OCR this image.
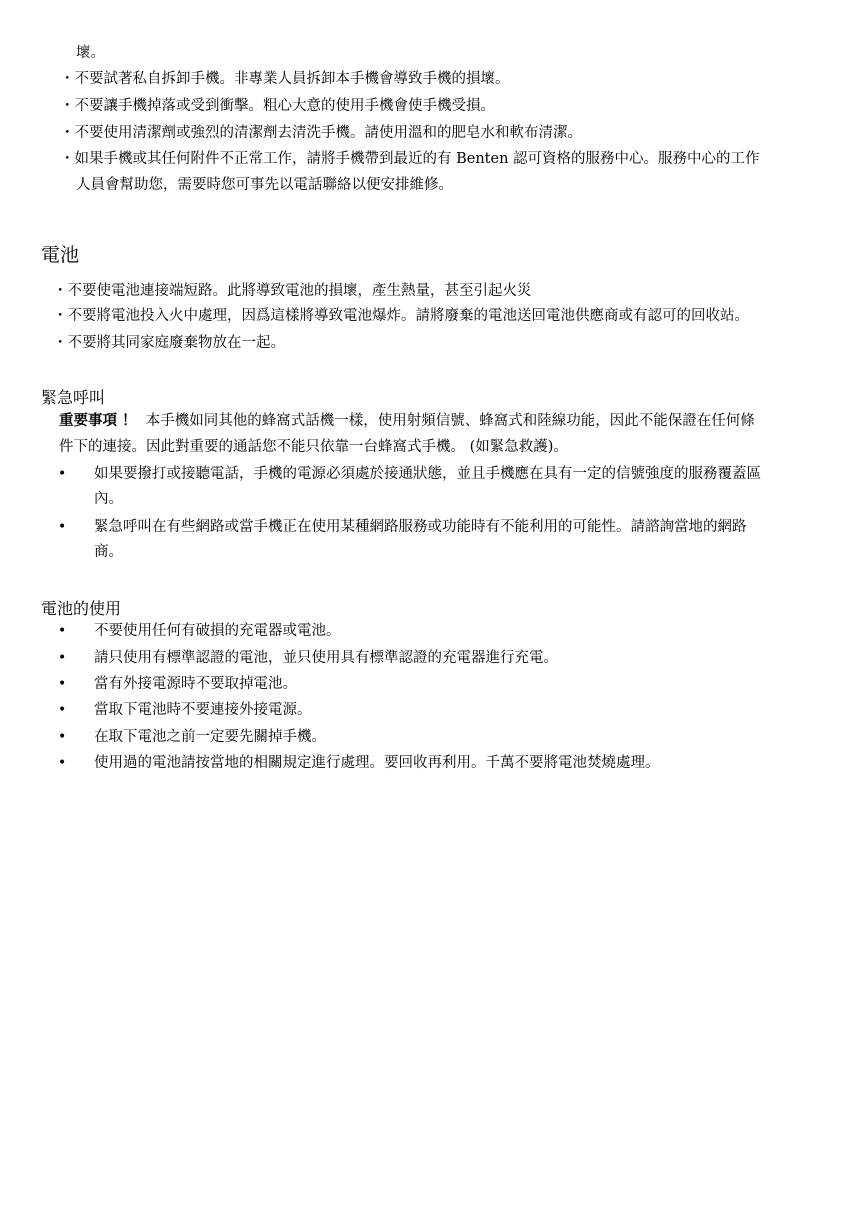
壞。
・不要試著私自拆卸手機。非專業人員拆卸本手機會導致手機的損壞。
・不要讓手機掉落或受到衝擊。粗心大意的使用手機會使手機受損。
・不要使用清潔劑或強烈的清潔劑去清洗手機。請使用溫和的肥皂水和軟布清潔。
・如果手機或其任何附件不正常工作，請將手機帶到最近的有 Benten 認可資格的服務中心。服務中心的工作
人員會幫助您，需要時您可事先以電話聯絡以便安排維修。
電池
・不要使電池連接端短路。此將導致電池的損壞，產生熱量，甚至引起火災
・不要將電池投入火中處理，因爲這樣將導致電池爆炸。請將廢棄的電池送回電池供應商或有認可的回收站。
・不要將其同家庭廢棄物放在一起。
緊急呼叫
重要事項 ！ 本手機如同其他的蜂窩式話機一樣，使用射頻信號、蜂窩式和陸線功能，因此不能保證在任何條
件下的連接。因此對重要的通話您不能只依靠一台蜂窩式手機。 (如緊急救護)。
• 如果要撥打或接聽電話，手機的電源必須處於接通狀態，並且手機應在具有一定的信號強度的服務覆蓋區
內。
• 緊急呼叫在有些網路或當手機正在使用某種網路服務或功能時有不能利用的可能性。請諮詢當地的網路
商。
電池的使用
• 不要使用任何有破損的充電器或電池。
• 請只使用有標準認證的電池，並只使用具有標準認證的充電器進行充電。
• 當有外接電源時不要取掉電池。
• 當取下電池時不要連接外接電源。
• 在取下電池之前一定要先關掉手機。
• 使用過的電池請按當地的相關規定進行處理。要回收再利用。千萬不要將電池焚燒處理。
